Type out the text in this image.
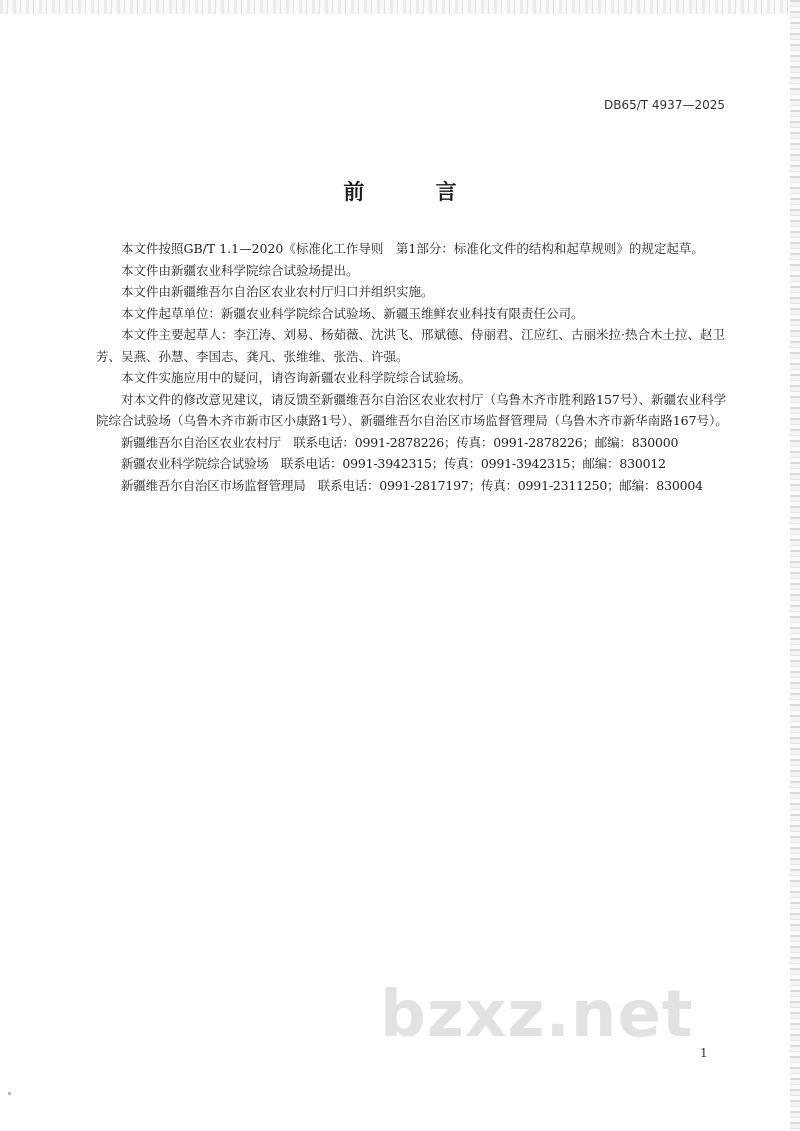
DB65/T 4937—2025
前 言

本文件按照GB/T 1.1—2020《标准化工作导则　第1部分：标准化文件的结构和起草规则》的规定起草。

本文件由新疆农业科学院综合试验场提出。

本文件由新疆维吾尔自治区农业农村厅归口并组织实施。

本文件起草单位：新疆农业科学院综合试验场、新疆玉维鲜农业科技有限责任公司。

本文件主要起草人：李江涛、刘易、杨茹薇、沈洪飞、邢斌德、侍丽君、江应红、古丽米拉·热合木土拉、赵卫芳、吴燕、孙慧、李国志、龚凡、张维维、张浩、许强。

本文件实施应用中的疑问，请咨询新疆农业科学院综合试验场。

对本文件的修改意见建议，请反馈至新疆维吾尔自治区农业农村厅（乌鲁木齐市胜利路157号）、新疆农业科学院综合试验场（乌鲁木齐市新市区小康路1号）、新疆维吾尔自治区市场监督管理局（乌鲁木齐市新华南路167号）。

新疆维吾尔自治区农业农村厅　联系电话：0991-2878226；传真：0991-2878226；邮编：830000

新疆农业科学院综合试验场　联系电话：0991-3942315；传真：0991-3942315；邮编：830012

新疆维吾尔自治区市场监督管理局　联系电话：0991-2817197；传真：0991-2311250；邮编：830004

bzxz.net
1
